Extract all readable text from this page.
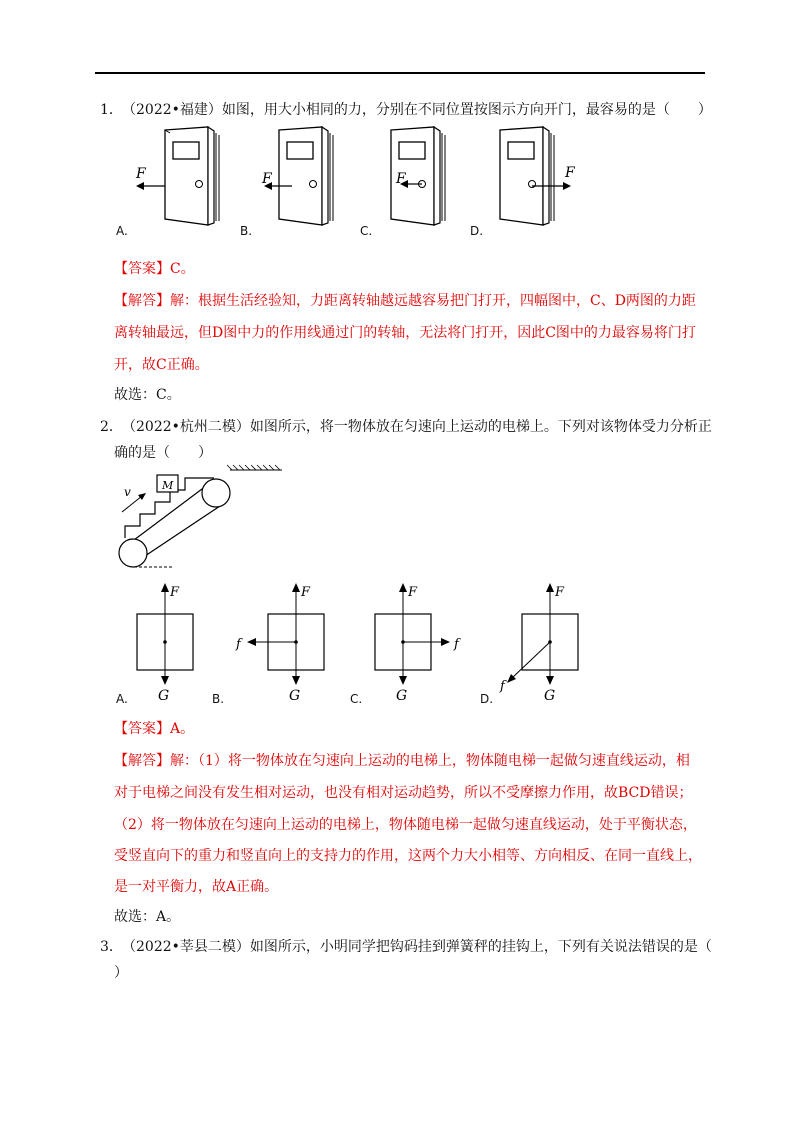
1． （2022•福建）如图，用大小相同的力，分别在不同位置按图示方向开门，最容易的是（　　）
F
A.
F
B.
F
C.
F
D.
【答案】C。
【解答】解：根据生活经验知，力距离转轴越远越容易把门打开，四幅图中，C、D两图的力距
离转轴最远，但D图中力的作用线通过门的转轴，无法将门打开，因此C图中的力最容易将门打
开，故C正确。
故选：C。
2． （2022•杭州二模）如图所示，将一物体放在匀速向上运动的电梯上。下列对该物体受力分析正
确的是（　　）
M
v
F
G
A.
F
G
f
B.
F
G
f
C.
F
G
f
D.
【答案】A。
【解答】解：（1）将一物体放在匀速向上运动的电梯上，物体随电梯一起做匀速直线运动，相
对于电梯之间没有发生相对运动，也没有相对运动趋势，所以不受摩擦力作用，故BCD错误；
（2）将一物体放在匀速向上运动的电梯上，物体随电梯一起做匀速直线运动，处于平衡状态，
受竖直向下的重力和竖直向上的支持力的作用，这两个力大小相等、方向相反、在同一直线上，
是一对平衡力，故A正确。
故选：A。
3． （2022•莘县二模）如图所示，小明同学把钩码挂到弹簧秤的挂钩上，下列有关说法错误的是（
）
